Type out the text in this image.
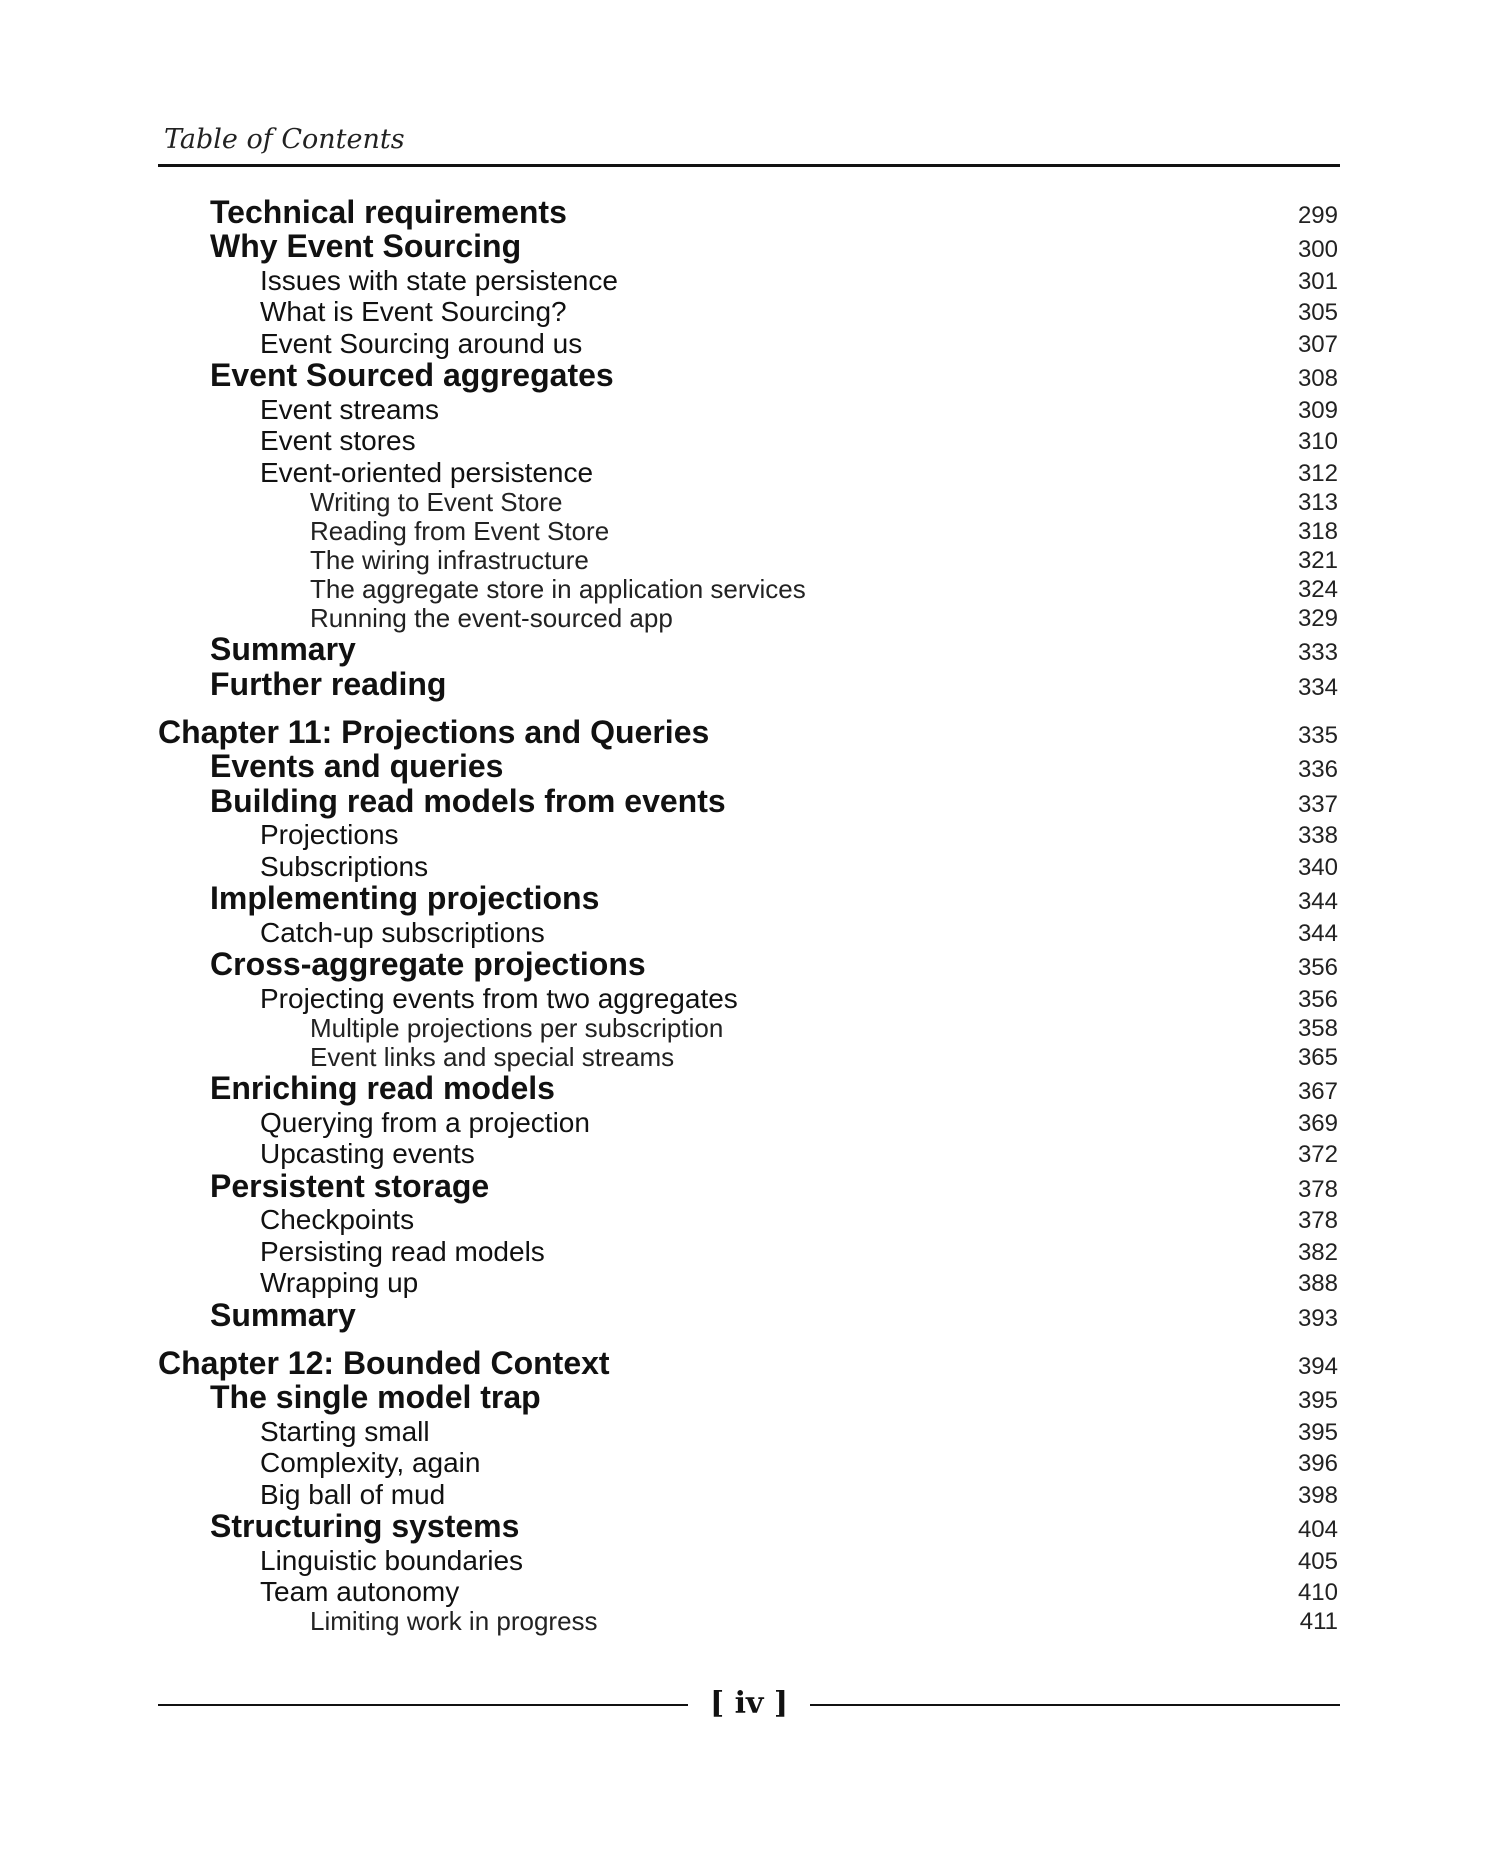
Table of Contents
Technical requirements	299
Why Event Sourcing	300
Issues with state persistence	301
What is Event Sourcing?	305
Event Sourcing around us	307
Event Sourced aggregates	308
Event streams	309
Event stores	310
Event-oriented persistence	312
Writing to Event Store	313
Reading from Event Store	318
The wiring infrastructure	321
The aggregate store in application services	324
Running the event-sourced app	329
Summary	333
Further reading	334
Chapter 11: Projections and Queries	335
Events and queries	336
Building read models from events	337
Projections	338
Subscriptions	340
Implementing projections	344
Catch-up subscriptions	344
Cross-aggregate projections	356
Projecting events from two aggregates	356
Multiple projections per subscription	358
Event links and special streams	365
Enriching read models	367
Querying from a projection	369
Upcasting events	372
Persistent storage	378
Checkpoints	378
Persisting read models	382
Wrapping up	388
Summary	393
Chapter 12: Bounded Context	394
The single model trap	395
Starting small	395
Complexity, again	396
Big ball of mud	398
Structuring systems	404
Linguistic boundaries	405
Team autonomy	410
Limiting work in progress	411
[ iv ]
